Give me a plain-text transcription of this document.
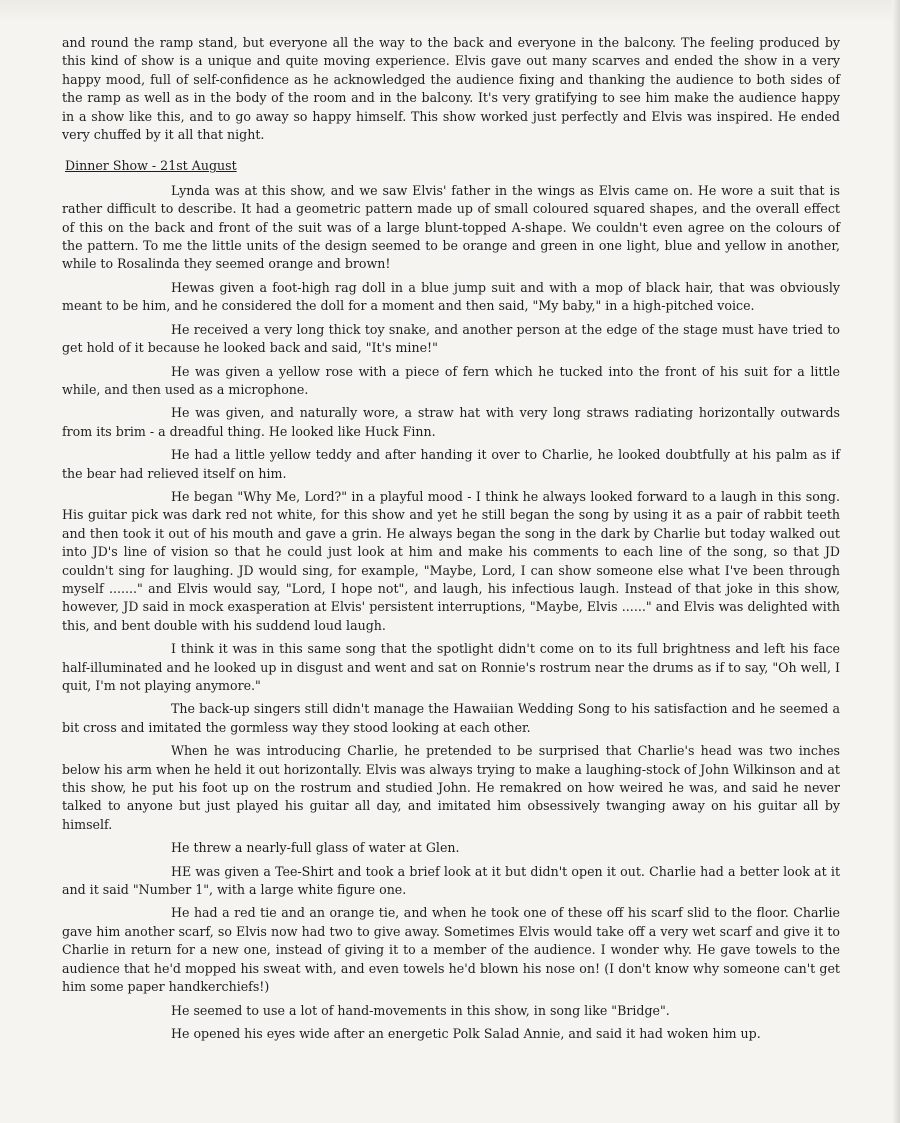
and round the ramp stand, but everyone all the way to the back and everyone in the balcony. The feeling produced by this kind of show is a unique and quite moving experience. Elvis gave out many scarves and ended the show in a very happy mood, full of self-confidence as he acknowledged the audience fixing and thanking the audience to both sides of the ramp as well as in the body of the room and in the balcony. It's very gratifying to see him make the audience happy in a show like this, and to go away so happy himself. This show worked just perfectly and Elvis was inspired. He ended very chuffed by it all that night.

Dinner Show - 21st August

Lynda was at this show, and we saw Elvis' father in the wings as Elvis came on. He wore a suit that is rather difficult to describe. It had a geometric pattern made up of small coloured squared shapes, and the overall effect of this on the back and front of the suit was of a large blunt-topped A-shape. We couldn't even agree on the colours of the pattern. To me the little units of the design seemed to be orange and green in one light, blue and yellow in another, while to Rosalinda they seemed orange and brown!

Hewas given a foot-high rag doll in a blue jump suit and with a mop of black hair, that was obviously meant to be him, and he considered the doll for a moment and then said, "My baby," in a high-pitched voice.

He received a very long thick toy snake, and another person at the edge of the stage must have tried to get hold of it because he looked back and said, "It's mine!"

He was given a yellow rose with a piece of fern which he tucked into the front of his suit for a little while, and then used as a microphone.

He was given, and naturally wore, a straw hat with very long straws radiating horizontally outwards from its brim - a dreadful thing. He looked like Huck Finn.

He had a little yellow teddy and after handing it over to Charlie, he looked doubtfully at his palm as if the bear had relieved itself on him.

He began "Why Me, Lord?" in a playful mood - I think he always looked forward to a laugh in this song. His guitar pick was dark red not white, for this show and yet he still began the song by using it as a pair of rabbit teeth and then took it out of his mouth and gave a grin. He always began the song in the dark by Charlie but today walked out into JD's line of vision so that he could just look at him and make his comments to each line of the song, so that JD couldn't sing for laughing. JD would sing, for example, "Maybe, Lord, I can show someone else what I've been through myself ......." and Elvis would say, "Lord, I hope not", and laugh, his infectious laugh. Instead of that joke in this show, however, JD said in mock exasperation at Elvis' persistent interruptions, "Maybe, Elvis ......" and Elvis was delighted with this, and bent double with his suddend loud laugh.

I think it was in this same song that the spotlight didn't come on to its full brightness and left his face half-illuminated and he looked up in disgust and went and sat on Ronnie's rostrum near the drums as if to say, "Oh well, I quit, I'm not playing anymore."

The back-up singers still didn't manage the Hawaiian Wedding Song to his satisfaction and he seemed a bit cross and imitated the gormless way they stood looking at each other.

When he was introducing Charlie, he pretended to be surprised that Charlie's head was two inches below his arm when he held it out horizontally. Elvis was always trying to make a laughing-stock of John Wilkinson and at this show, he put his foot up on the rostrum and studied John. He remakred on how weired he was, and said he never talked to anyone but just played his guitar all day, and imitated him obsessively twanging away on his guitar all by himself.

He threw a nearly-full glass of water at Glen.

HE was given a Tee-Shirt and took a brief look at it but didn't open it out. Charlie had a better look at it and it said "Number 1", with a large white figure one.

He had a red tie and an orange tie, and when he took one of these off his scarf slid to the floor. Charlie gave him another scarf, so Elvis now had two to give away. Sometimes Elvis would take off a very wet scarf and give it to Charlie in return for a new one, instead of giving it to a member of the audience. I wonder why. He gave towels to the audience that he'd mopped his sweat with, and even towels he'd blown his nose on! (I don't know why someone can't get him some paper handkerchiefs!)

He seemed to use a lot of hand-movements in this show, in song like "Bridge".

He opened his eyes wide after an energetic Polk Salad Annie, and said it had woken him up.
